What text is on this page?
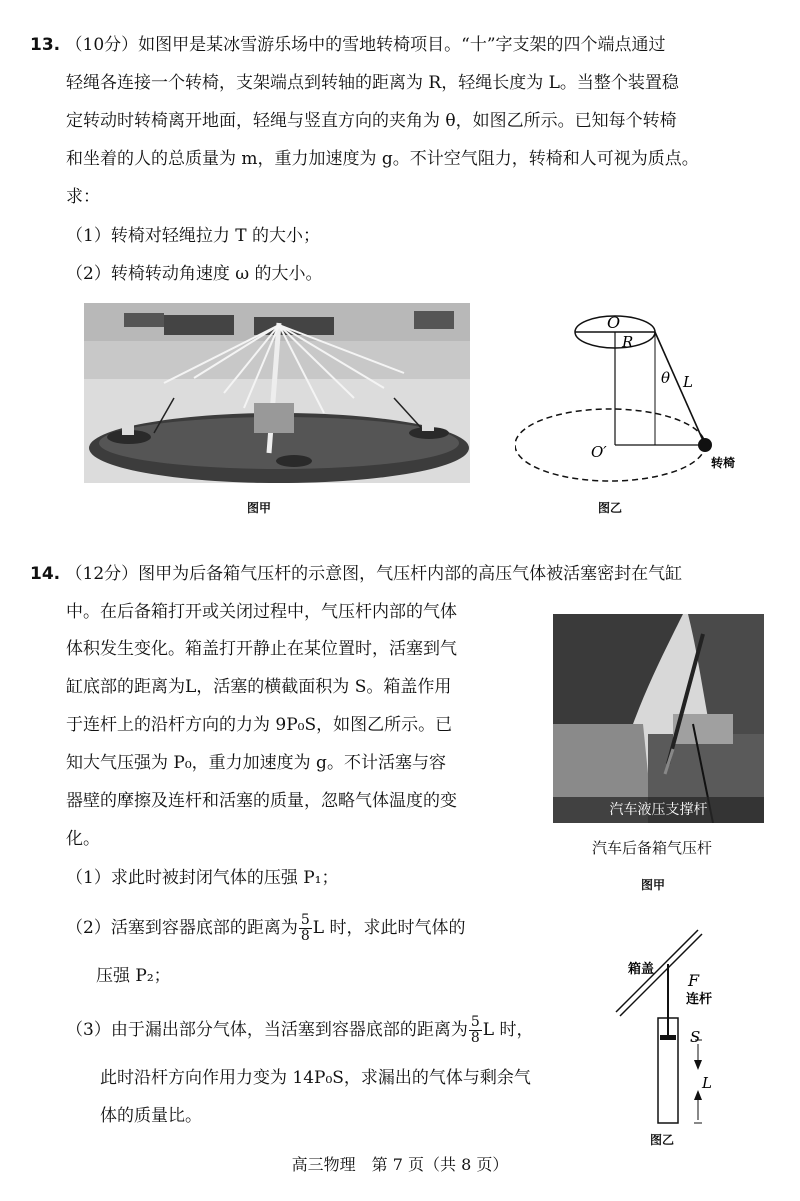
13. （10分）如图甲是某冰雪游乐场中的雪地转椅项目。“十”字支架的四个端点通过
轻绳各连接一个转椅，支架端点到转轴的距离为 R，轻绳长度为 L。当整个装置稳
定转动时转椅离开地面，轻绳与竖直方向的夹角为 θ，如图乙所示。已知每个转椅
和坐着的人的总质量为 m，重力加速度为 g。不计空气阻力，转椅和人可视为质点。
求：
（1）转椅对轻绳拉力 T 的大小；
（2）转椅转动角速度 ω 的大小。
图甲
O
R
θ L
O′
转椅
图乙
14. （12分）图甲为后备箱气压杆的示意图，气压杆内部的高压气体被活塞密封在气缸
中。在后备箱打开或关闭过程中，气压杆内部的气体
体积发生变化。箱盖打开静止在某位置时，活塞到气
缸底部的距离为L，活塞的横截面积为 S。箱盖作用
于连杆上的沿杆方向的力为 9P₀S，如图乙所示。已
知大气压强为 P₀，重力加速度为 g。不计活塞与容
器壁的摩擦及连杆和活塞的质量，忽略气体温度的变
化。
（1）求此时被封闭气体的压强 P₁；
（2）活塞到容器底部的距离为 $\frac{5}{8}$ L 时，求此时气体的
压强 P₂；
（3）由于漏出部分气体，当活塞到容器底部的距离为 $\frac{5}{8}$ L 时，
此时沿杆方向作用力变为 14P₀S，求漏出的气体与剩余气
体的质量比。
汽车液压支撑杆
汽车后备箱气压杆
图甲
箱盖
F
连杆
S
L
图乙
高三物理　第 7 页（共 8 页）
